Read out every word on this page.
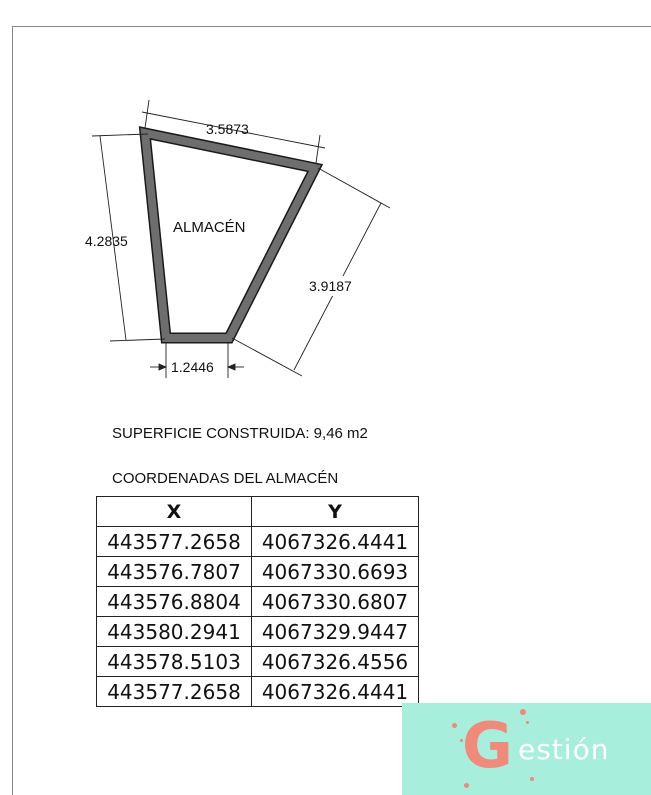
3.5873
4.2835
3.9187
1.2446
ALMACÉN
SUPERFICIE CONSTRUIDA: 9,46 m2
COORDENADAS DEL ALMACÉN
X	Y
443577.2658	4067326.4441
443576.7807	4067330.6693
443576.8804	4067330.6807
443580.2941	4067329.9447
443578.5103	4067326.4556
443577.2658	4067326.4441
G estión
